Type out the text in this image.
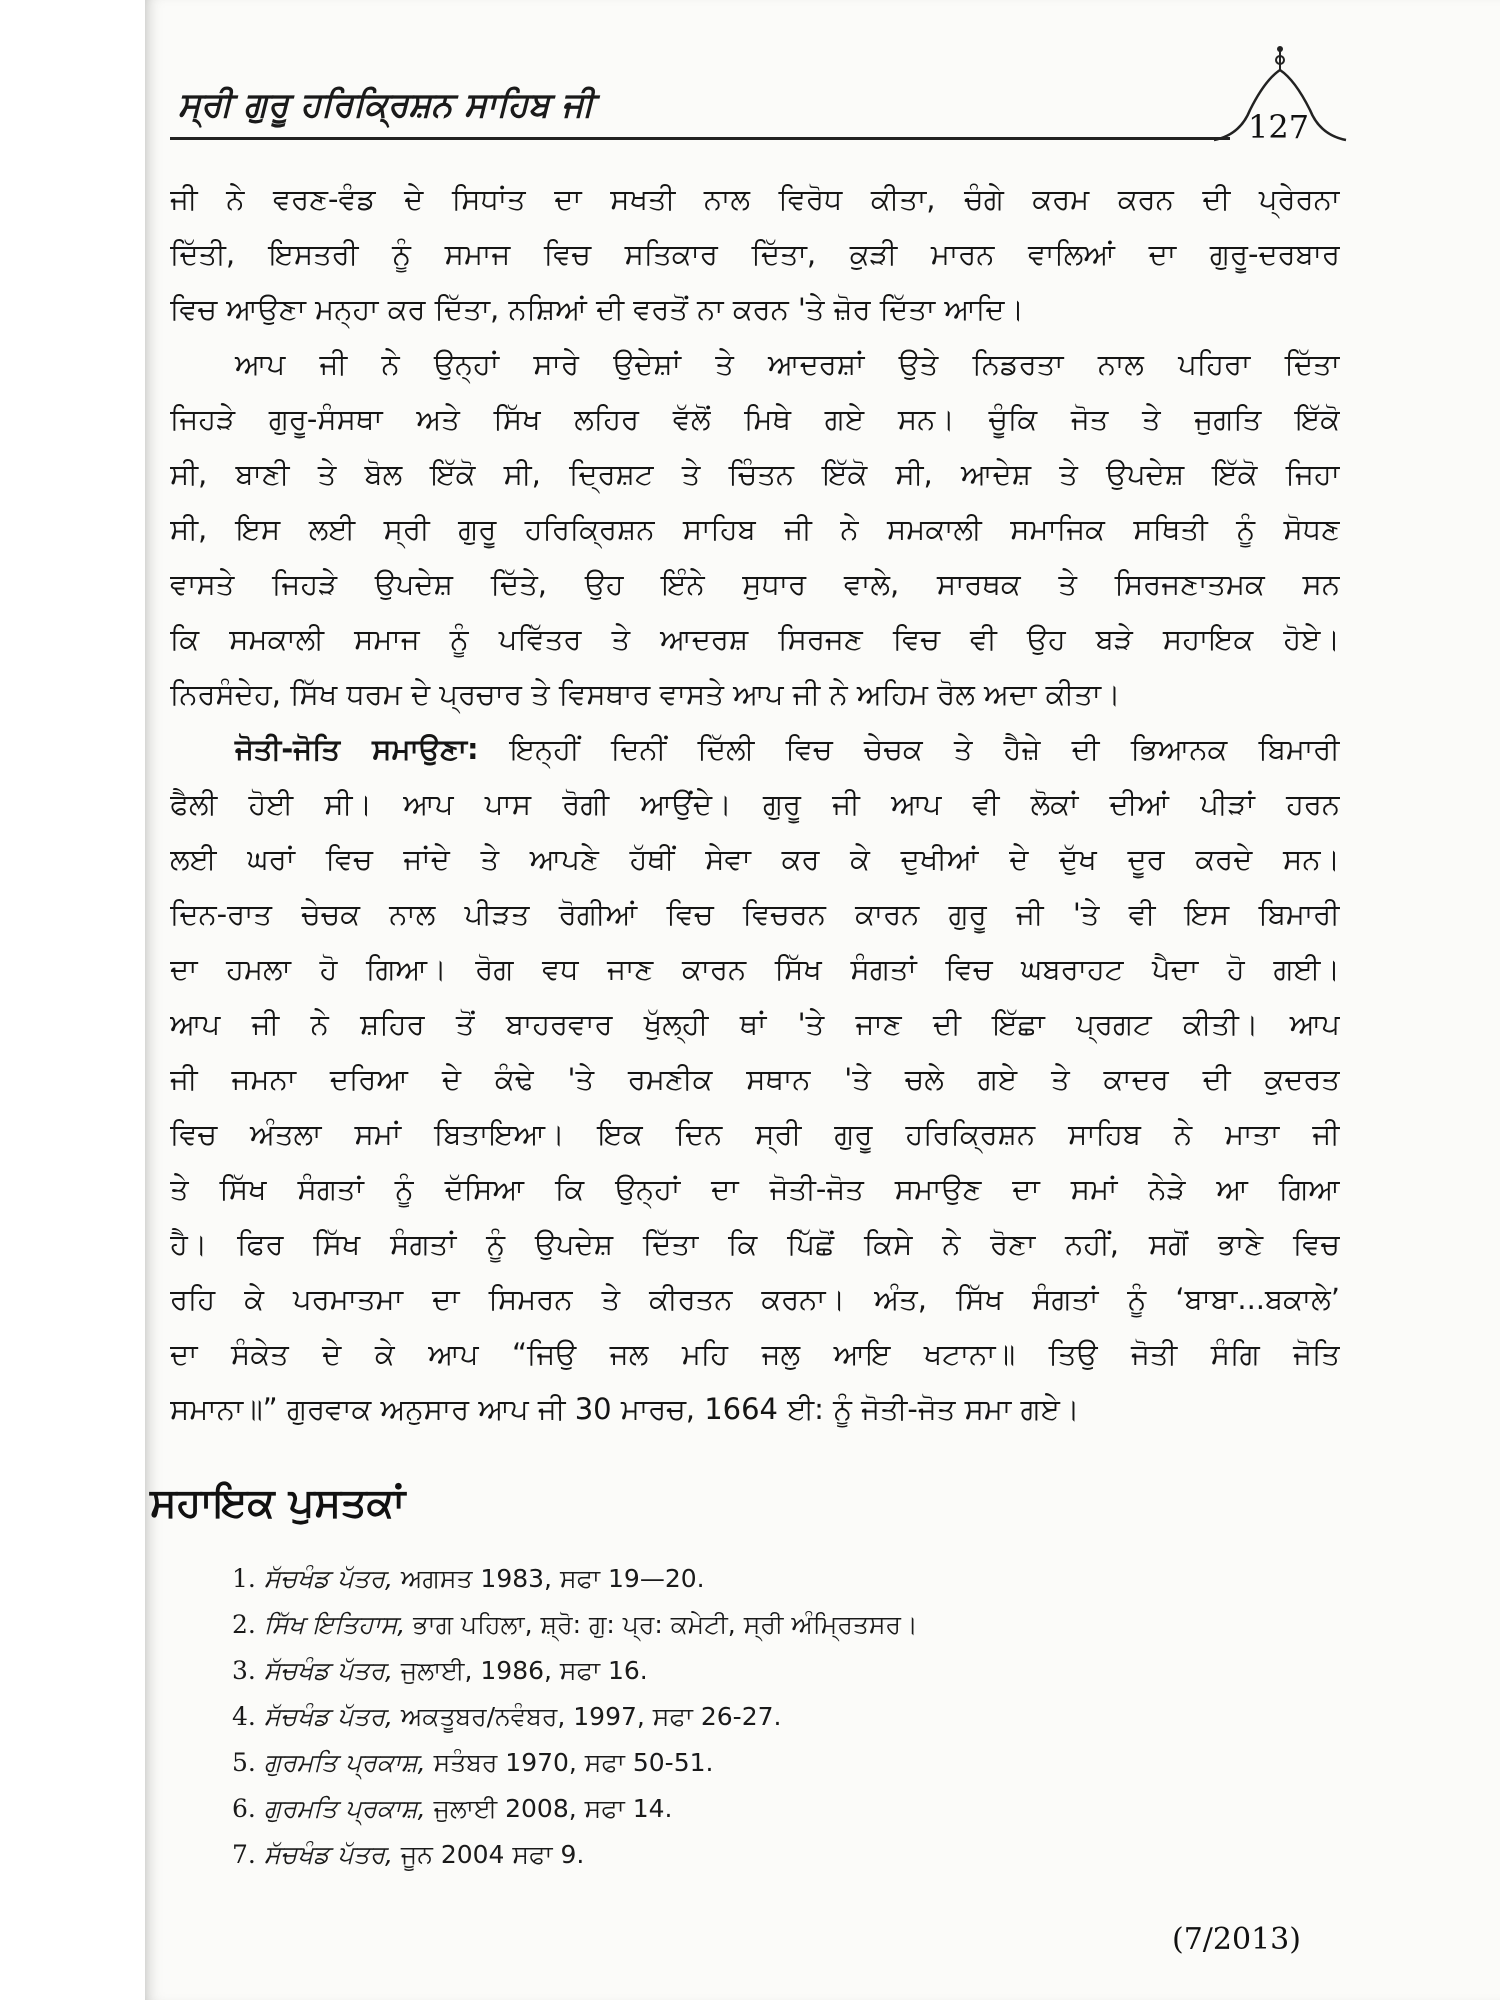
ਸ੍ਰੀ ਗੁਰੂ ਹਰਿਕ੍ਰਿਸ਼ਨ ਸਾਹਿਬ ਜੀ
127
ਜੀ ਨੇ ਵਰਣ-ਵੰਡ ਦੇ ਸਿਧਾਂਤ ਦਾ ਸਖਤੀ ਨਾਲ ਵਿਰੋਧ ਕੀਤਾ, ਚੰਗੇ ਕਰਮ ਕਰਨ ਦੀ ਪ੍ਰੇਰਨਾ
ਦਿੱਤੀ, ਇਸਤਰੀ ਨੂੰ ਸਮਾਜ ਵਿਚ ਸਤਿਕਾਰ ਦਿੱਤਾ, ਕੁੜੀ ਮਾਰਨ ਵਾਲਿਆਂ ਦਾ ਗੁਰੂ-ਦਰਬਾਰ
ਵਿਚ ਆਉਣਾ ਮਨ੍ਹਾ ਕਰ ਦਿੱਤਾ, ਨਸ਼ਿਆਂ ਦੀ ਵਰਤੋਂ ਨਾ ਕਰਨ 'ਤੇ ਜ਼ੋਰ ਦਿੱਤਾ ਆਦਿ।
ਆਪ ਜੀ ਨੇ ਉਨ੍ਹਾਂ ਸਾਰੇ ਉਦੇਸ਼ਾਂ ਤੇ ਆਦਰਸ਼ਾਂ ਉਤੇ ਨਿਡਰਤਾ ਨਾਲ ਪਹਿਰਾ ਦਿੱਤਾ
ਜਿਹੜੇ ਗੁਰੂ-ਸੰਸਥਾ ਅਤੇ ਸਿੱਖ ਲਹਿਰ ਵੱਲੋਂ ਮਿਥੇ ਗਏ ਸਨ। ਚੂੰਕਿ ਜੋਤ ਤੇ ਜੁਗਤਿ ਇੱਕੋ
ਸੀ, ਬਾਣੀ ਤੇ ਬੋਲ ਇੱਕੋ ਸੀ, ਦ੍ਰਿਸ਼ਟ ਤੇ ਚਿੰਤਨ ਇੱਕੋ ਸੀ, ਆਦੇਸ਼ ਤੇ ਉਪਦੇਸ਼ ਇੱਕੋ ਜਿਹਾ
ਸੀ, ਇਸ ਲਈ ਸ੍ਰੀ ਗੁਰੂ ਹਰਿਕ੍ਰਿਸ਼ਨ ਸਾਹਿਬ ਜੀ ਨੇ ਸਮਕਾਲੀ ਸਮਾਜਿਕ ਸਥਿਤੀ ਨੂੰ ਸੋਧਣ
ਵਾਸਤੇ ਜਿਹੜੇ ਉਪਦੇਸ਼ ਦਿੱਤੇ, ਉਹ ਇੰਨੇ ਸੁਧਾਰ ਵਾਲੇ, ਸਾਰਥਕ ਤੇ ਸਿਰਜਣਾਤਮਕ ਸਨ
ਕਿ ਸਮਕਾਲੀ ਸਮਾਜ ਨੂੰ ਪਵਿੱਤਰ ਤੇ ਆਦਰਸ਼ ਸਿਰਜਣ ਵਿਚ ਵੀ ਉਹ ਬੜੇ ਸਹਾਇਕ ਹੋਏ।
ਨਿਰਸੰਦੇਹ, ਸਿੱਖ ਧਰਮ ਦੇ ਪ੍ਰਚਾਰ ਤੇ ਵਿਸਥਾਰ ਵਾਸਤੇ ਆਪ ਜੀ ਨੇ ਅਹਿਮ ਰੋਲ ਅਦਾ ਕੀਤਾ।
ਜੋਤੀ-ਜੋਤਿ ਸਮਾਉਣਾ: ਇਨ੍ਹੀਂ ਦਿਨੀਂ ਦਿੱਲੀ ਵਿਚ ਚੇਚਕ ਤੇ ਹੈਜ਼ੇ ਦੀ ਭਿਆਨਕ ਬਿਮਾਰੀ
ਫੈਲੀ ਹੋਈ ਸੀ। ਆਪ ਪਾਸ ਰੋਗੀ ਆਉਂਦੇ। ਗੁਰੂ ਜੀ ਆਪ ਵੀ ਲੋਕਾਂ ਦੀਆਂ ਪੀੜਾਂ ਹਰਨ
ਲਈ ਘਰਾਂ ਵਿਚ ਜਾਂਦੇ ਤੇ ਆਪਣੇ ਹੱਥੀਂ ਸੇਵਾ ਕਰ ਕੇ ਦੁਖੀਆਂ ਦੇ ਦੁੱਖ ਦੂਰ ਕਰਦੇ ਸਨ।
ਦਿਨ-ਰਾਤ ਚੇਚਕ ਨਾਲ ਪੀੜਤ ਰੋਗੀਆਂ ਵਿਚ ਵਿਚਰਨ ਕਾਰਨ ਗੁਰੂ ਜੀ 'ਤੇ ਵੀ ਇਸ ਬਿਮਾਰੀ
ਦਾ ਹਮਲਾ ਹੋ ਗਿਆ। ਰੋਗ ਵਧ ਜਾਣ ਕਾਰਨ ਸਿੱਖ ਸੰਗਤਾਂ ਵਿਚ ਘਬਰਾਹਟ ਪੈਦਾ ਹੋ ਗਈ।
ਆਪ ਜੀ ਨੇ ਸ਼ਹਿਰ ਤੋਂ ਬਾਹਰਵਾਰ ਖੁੱਲ੍ਹੀ ਥਾਂ 'ਤੇ ਜਾਣ ਦੀ ਇੱਛਾ ਪ੍ਰਗਟ ਕੀਤੀ। ਆਪ
ਜੀ ਜਮਨਾ ਦਰਿਆ ਦੇ ਕੰਢੇ 'ਤੇ ਰਮਣੀਕ ਸਥਾਨ 'ਤੇ ਚਲੇ ਗਏ ਤੇ ਕਾਦਰ ਦੀ ਕੁਦਰਤ
ਵਿਚ ਅੰਤਲਾ ਸਮਾਂ ਬਿਤਾਇਆ। ਇਕ ਦਿਨ ਸ੍ਰੀ ਗੁਰੂ ਹਰਿਕ੍ਰਿਸ਼ਨ ਸਾਹਿਬ ਨੇ ਮਾਤਾ ਜੀ
ਤੇ ਸਿੱਖ ਸੰਗਤਾਂ ਨੂੰ ਦੱਸਿਆ ਕਿ ਉਨ੍ਹਾਂ ਦਾ ਜੋਤੀ-ਜੋਤ ਸਮਾਉਣ ਦਾ ਸਮਾਂ ਨੇੜੇ ਆ ਗਿਆ
ਹੈ। ਫਿਰ ਸਿੱਖ ਸੰਗਤਾਂ ਨੂੰ ਉਪਦੇਸ਼ ਦਿੱਤਾ ਕਿ ਪਿੱਛੋਂ ਕਿਸੇ ਨੇ ਰੋਣਾ ਨਹੀਂ, ਸਗੋਂ ਭਾਣੇ ਵਿਚ
ਰਹਿ ਕੇ ਪਰਮਾਤਮਾ ਦਾ ਸਿਮਰਨ ਤੇ ਕੀਰਤਨ ਕਰਨਾ। ਅੰਤ, ਸਿੱਖ ਸੰਗਤਾਂ ਨੂੰ ‘ਬਾਬਾ...ਬਕਾਲੇ’
ਦਾ ਸੰਕੇਤ ਦੇ ਕੇ ਆਪ “ਜਿਉ ਜਲ ਮਹਿ ਜਲੁ ਆਇ ਖਟਾਨਾ॥ ਤਿਉ ਜੋਤੀ ਸੰਗਿ ਜੋਤਿ
ਸਮਾਨਾ॥” ਗੁਰਵਾਕ ਅਨੁਸਾਰ ਆਪ ਜੀ 30 ਮਾਰਚ, 1664 ਈ: ਨੂੰ ਜੋਤੀ-ਜੋਤ ਸਮਾ ਗਏ।
ਸਹਾਇਕ ਪੁਸਤਕਾਂ
1. ਸੱਚਖੰਡ ਪੱਤਰ, ਅਗਸਤ 1983, ਸਫਾ 19—20.
2. ਸਿੱਖ ਇਤਿਹਾਸ, ਭਾਗ ਪਹਿਲਾ, ਸ਼੍ਰੋ: ਗੁ: ਪ੍ਰ: ਕਮੇਟੀ, ਸ੍ਰੀ ਅੰਮ੍ਰਿਤਸਰ।
3. ਸੱਚਖੰਡ ਪੱਤਰ, ਜੁਲਾਈ, 1986, ਸਫਾ 16.
4. ਸੱਚਖੰਡ ਪੱਤਰ, ਅਕਤੂਬਰ/ਨਵੰਬਰ, 1997, ਸਫਾ 26-27.
5. ਗੁਰਮਤਿ ਪ੍ਰਕਾਸ਼, ਸਤੰਬਰ 1970, ਸਫਾ 50-51.
6. ਗੁਰਮਤਿ ਪ੍ਰਕਾਸ਼, ਜੁਲਾਈ 2008, ਸਫਾ 14.
7. ਸੱਚਖੰਡ ਪੱਤਰ, ਜੂਨ 2004 ਸਫਾ 9.
(7/2013)
